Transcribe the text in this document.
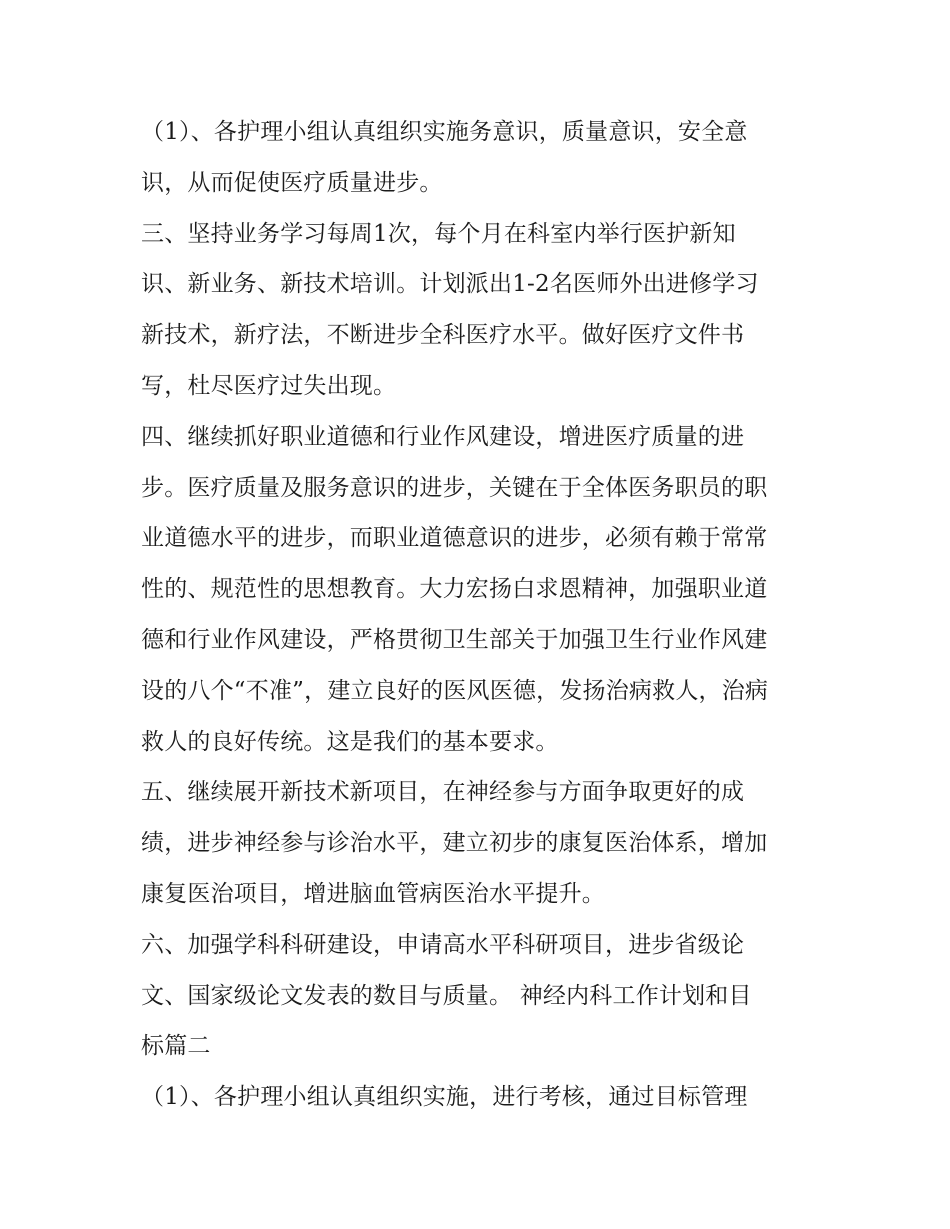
（1）、各护理小组认真组织实施务意识，质量意识，安全意
识，从而促使医疗质量进步。
三、坚持业务学习每周1次，每个月在科室内举行医护新知
识、新业务、新技术培训。计划派出1-2名医师外出进修学习
新技术，新疗法，不断进步全科医疗水平。做好医疗文件书
写，杜尽医疗过失出现。
四、继续抓好职业道德和行业作风建设，增进医疗质量的进
步。医疗质量及服务意识的进步，关键在于全体医务职员的职
业道德水平的进步，而职业道德意识的进步，必须有赖于常常
性的、规范性的思想教育。大力宏扬白求恩精神，加强职业道
德和行业作风建设，严格贯彻卫生部关于加强卫生行业作风建
设的八个“不准”，建立良好的医风医德，发扬治病救人，治病
救人的良好传统。这是我们的基本要求。
五、继续展开新技术新项目，在神经参与方面争取更好的成
绩，进步神经参与诊治水平，建立初步的康复医治体系，增加
康复医治项目，增进脑血管病医治水平提升。
六、加强学科科研建设，申请高水平科研项目，进步省级论
文、国家级论文发表的数目与质量。 神经内科工作计划和目
标篇二
（1）、各护理小组认真组织实施，进行考核，通过目标管理
